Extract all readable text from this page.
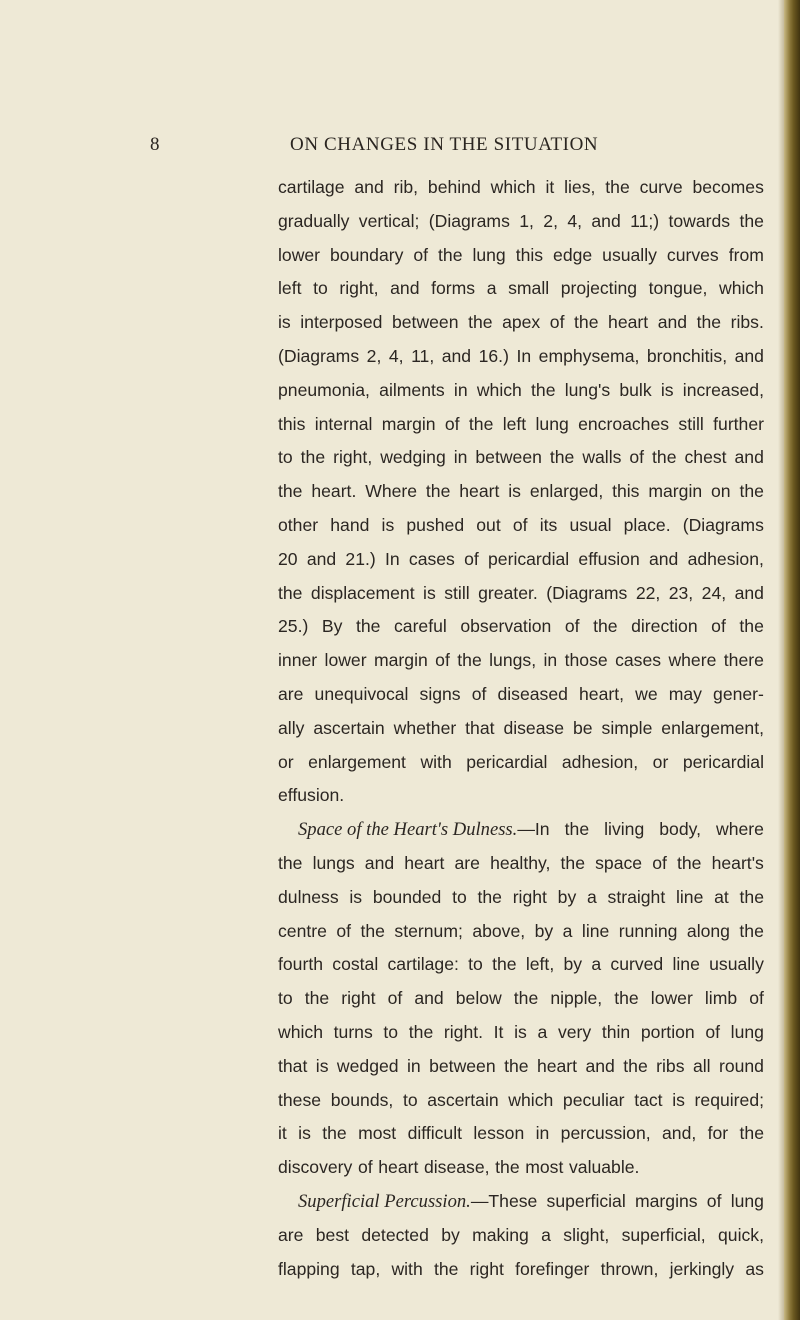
8	ON CHANGES IN THE SITUATION
cartilage and rib, behind which it lies, the curve becomes
gradually vertical; (Diagrams 1, 2, 4, and 11;) towards the
lower boundary of the lung this edge usually curves from
left to right, and forms a small projecting tongue, which
is interposed between the apex of the heart and the ribs.
(Diagrams 2, 4, 11, and 16.) In emphysema, bronchitis, and
pneumonia, ailments in which the lung's bulk is increased,
this internal margin of the left lung encroaches still further
to the right, wedging in between the walls of the chest and
the heart. Where the heart is enlarged, this margin on the
other hand is pushed out of its usual place. (Diagrams
20 and 21.) In cases of pericardial effusion and adhesion,
the displacement is still greater. (Diagrams 22, 23, 24, and
25.) By the careful observation of the direction of the
inner lower margin of the lungs, in those cases where there
are unequivocal signs of diseased heart, we may gener-
ally ascertain whether that disease be simple enlargement,
or enlargement with pericardial adhesion, or pericardial
effusion.
Space of the Heart's Dulness.—In the living body, where
the lungs and heart are healthy, the space of the heart's
dulness is bounded to the right by a straight line at the
centre of the sternum; above, by a line running along the
fourth costal cartilage: to the left, by a curved line usually
to the right of and below the nipple, the lower limb of
which turns to the right. It is a very thin portion of lung
that is wedged in between the heart and the ribs all round
these bounds, to ascertain which peculiar tact is required;
it is the most difficult lesson in percussion, and, for the
discovery of heart disease, the most valuable.
Superficial Percussion.—These superficial margins of lung
are best detected by making a slight, superficial, quick,
flapping tap, with the right forefinger thrown, jerkingly as
